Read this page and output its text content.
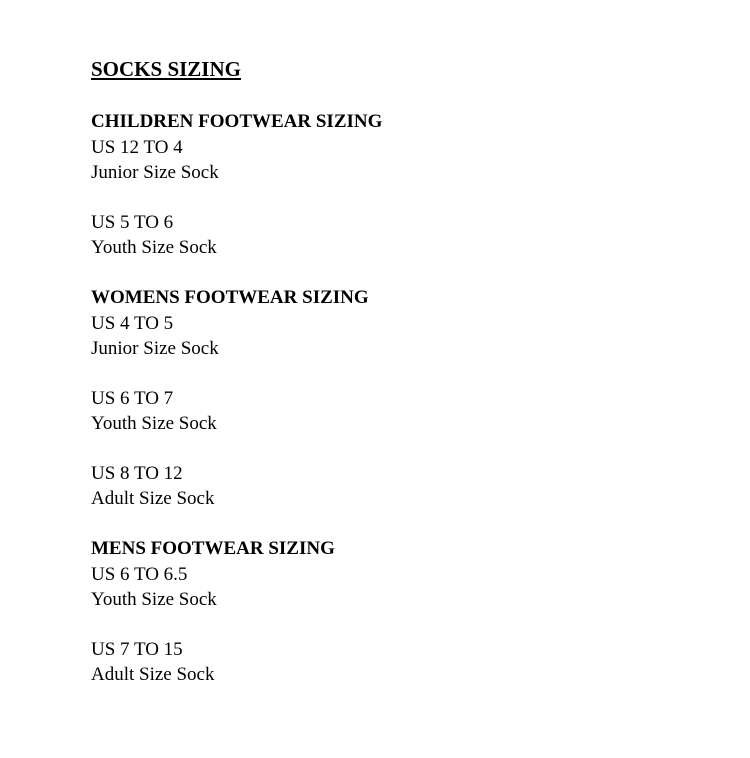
SOCKS SIZING
CHILDREN FOOTWEAR SIZING
US 12 TO 4
Junior Size Sock
US 5 TO 6
Youth Size Sock
WOMENS FOOTWEAR SIZING
US 4 TO 5
Junior Size Sock
US 6 TO 7
Youth Size Sock
US 8 TO 12
Adult Size Sock
MENS FOOTWEAR SIZING
US 6 TO 6.5
Youth Size Sock
US 7 TO 15
Adult Size Sock
